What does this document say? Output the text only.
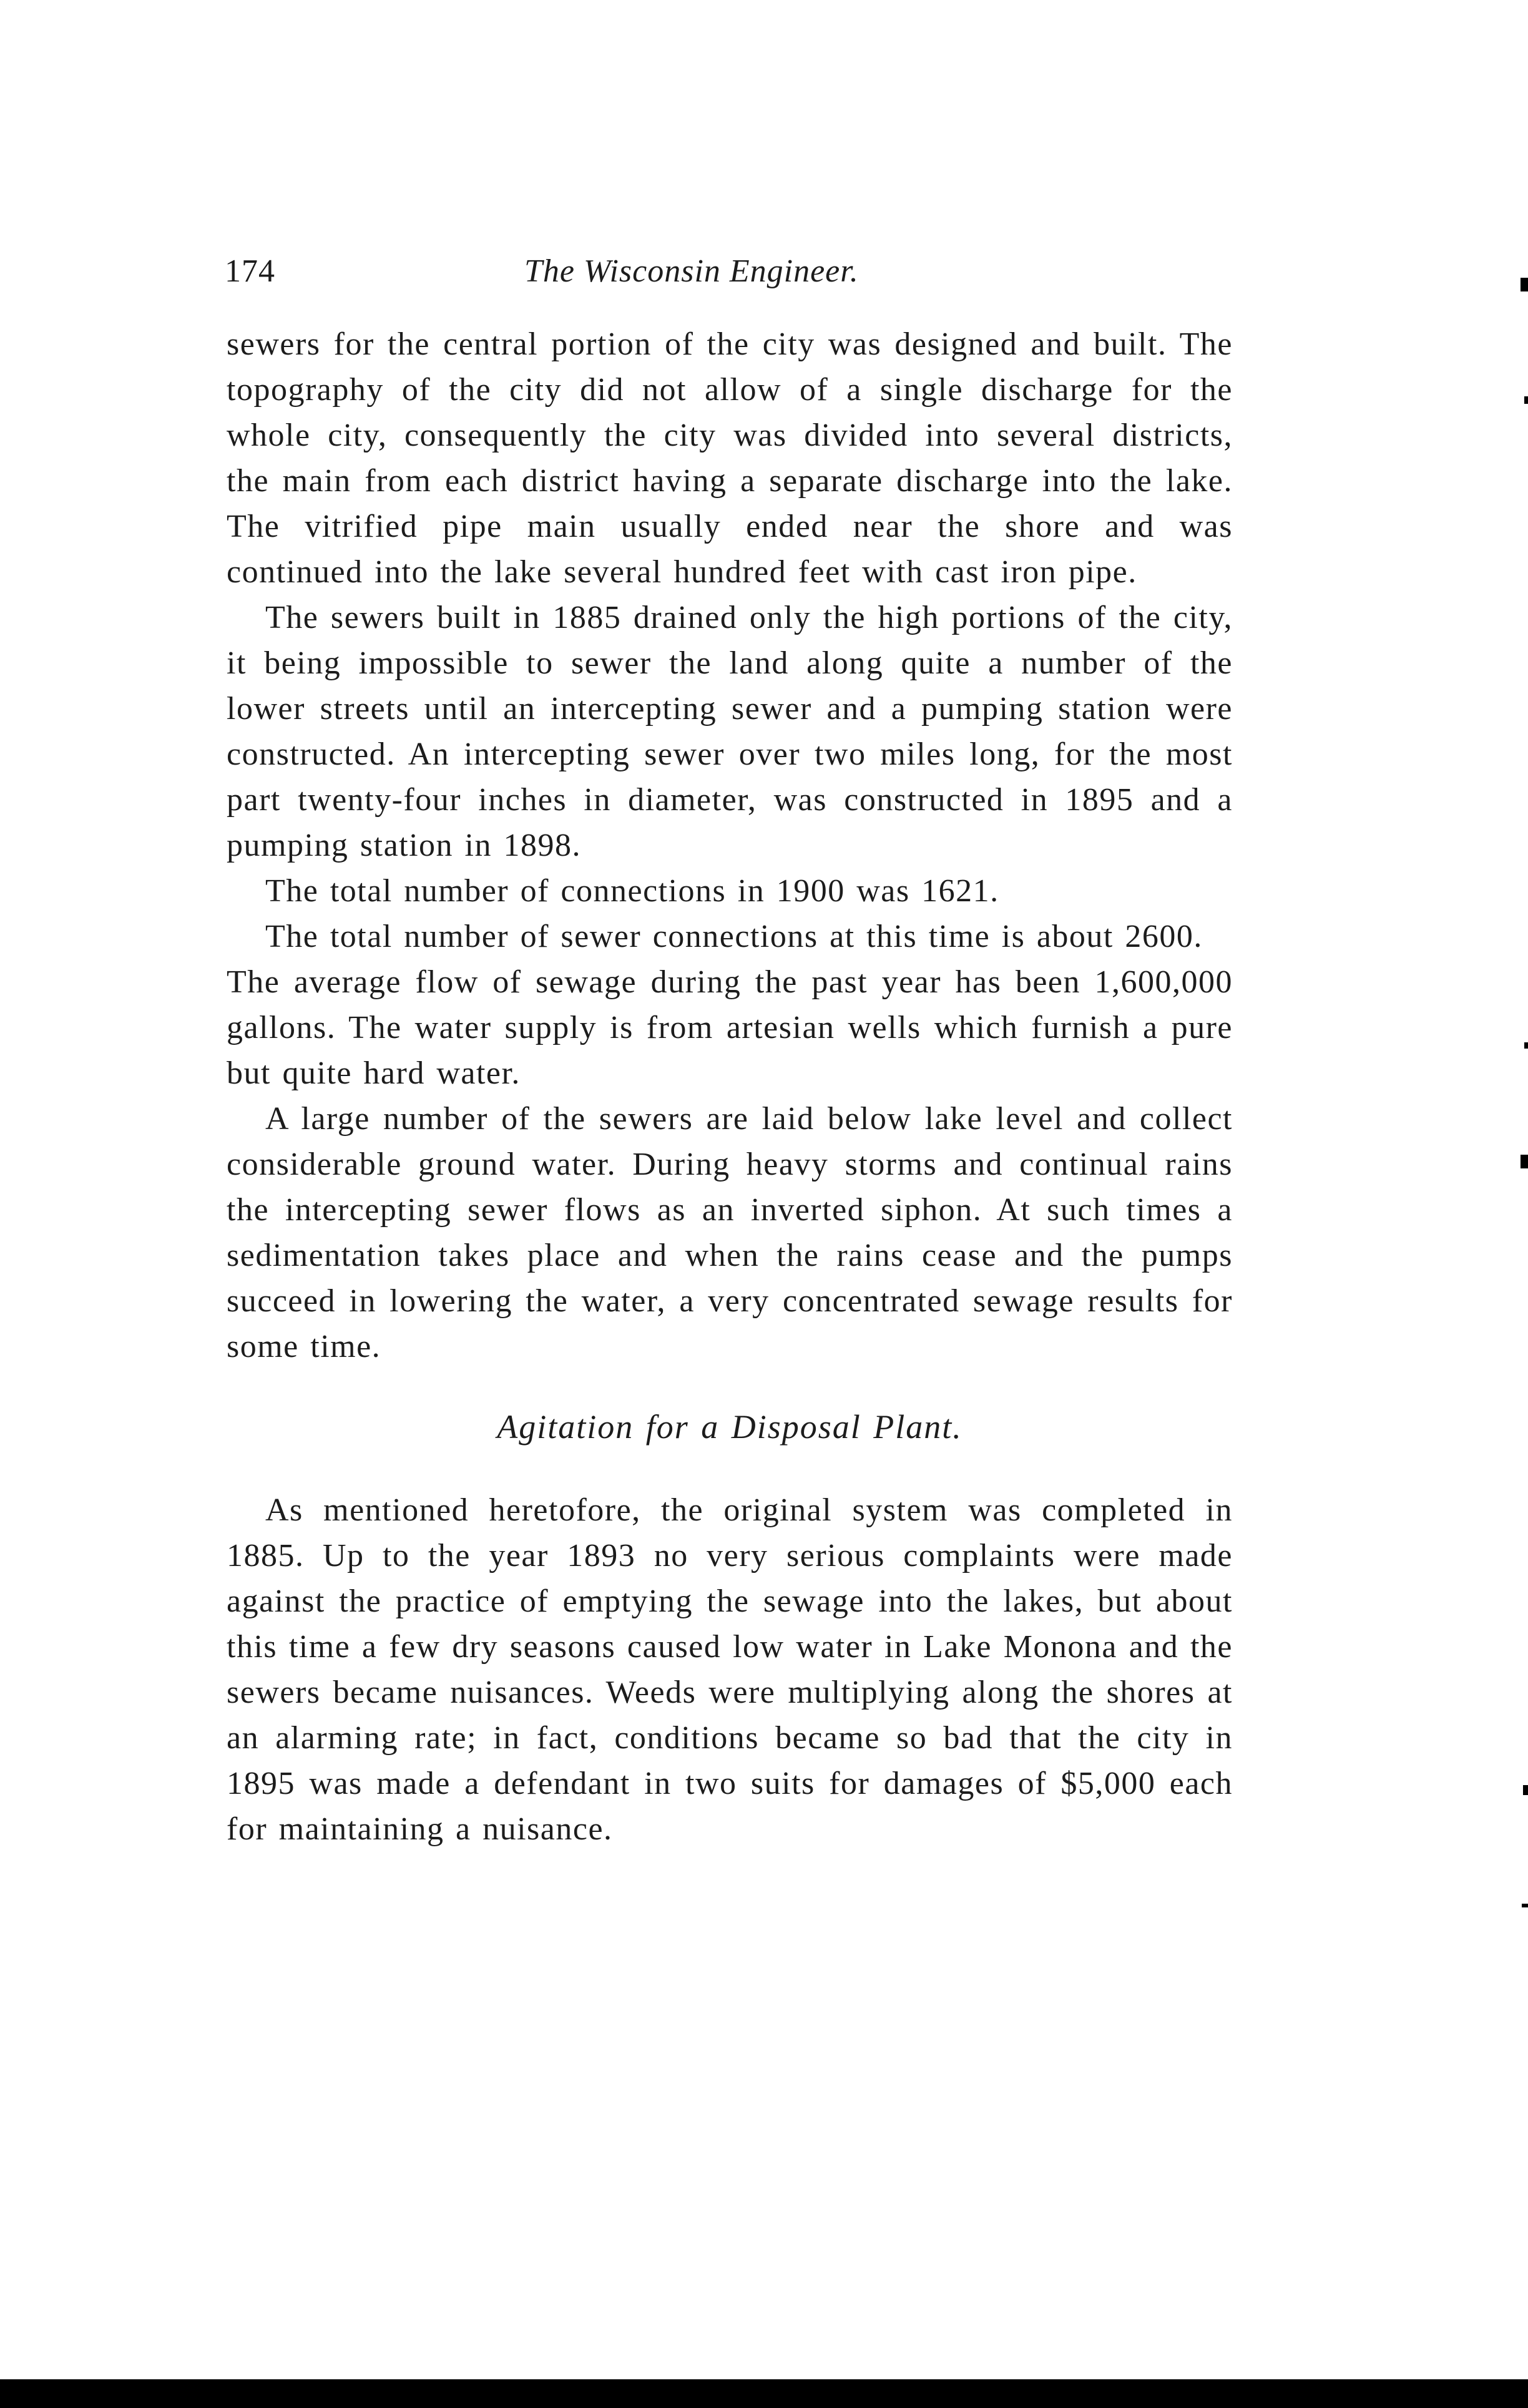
174	The Wisconsin Engineer.

sewers for the central portion of the city was designed and built. The topography of the city did not allow of a single discharge for the whole city, consequently the city was divided into several districts, the main from each district having a separate discharge into the lake. The vitrified pipe main usually ended near the shore and was continued into the lake several hundred feet with cast iron pipe.

The sewers built in 1885 drained only the high portions of the city, it being impossible to sewer the land along quite a number of the lower streets until an intercepting sewer and a pumping station were constructed. An intercepting sewer over two miles long, for the most part twenty-four inches in diameter, was constructed in 1895 and a pumping station in 1898.

The total number of connections in 1900 was 1621.

The total number of sewer connections at this time is about 2600.

The average flow of sewage during the past year has been 1,600,000 gallons. The water supply is from artesian wells which furnish a pure but quite hard water.

A large number of the sewers are laid below lake level and collect considerable ground water. During heavy storms and continual rains the intercepting sewer flows as an inverted siphon. At such times a sedimentation takes place and when the rains cease and the pumps succeed in lowering the water, a very concentrated sewage results for some time.

Agitation for a Disposal Plant.

As mentioned heretofore, the original system was completed in 1885. Up to the year 1893 no very serious complaints were made against the practice of emptying the sewage into the lakes, but about this time a few dry seasons caused low water in Lake Monona and the sewers became nuisances. Weeds were multiplying along the shores at an alarming rate; in fact, conditions became so bad that the city in 1895 was made a defendant in two suits for damages of $5,000 each for maintaining a nuisance.
